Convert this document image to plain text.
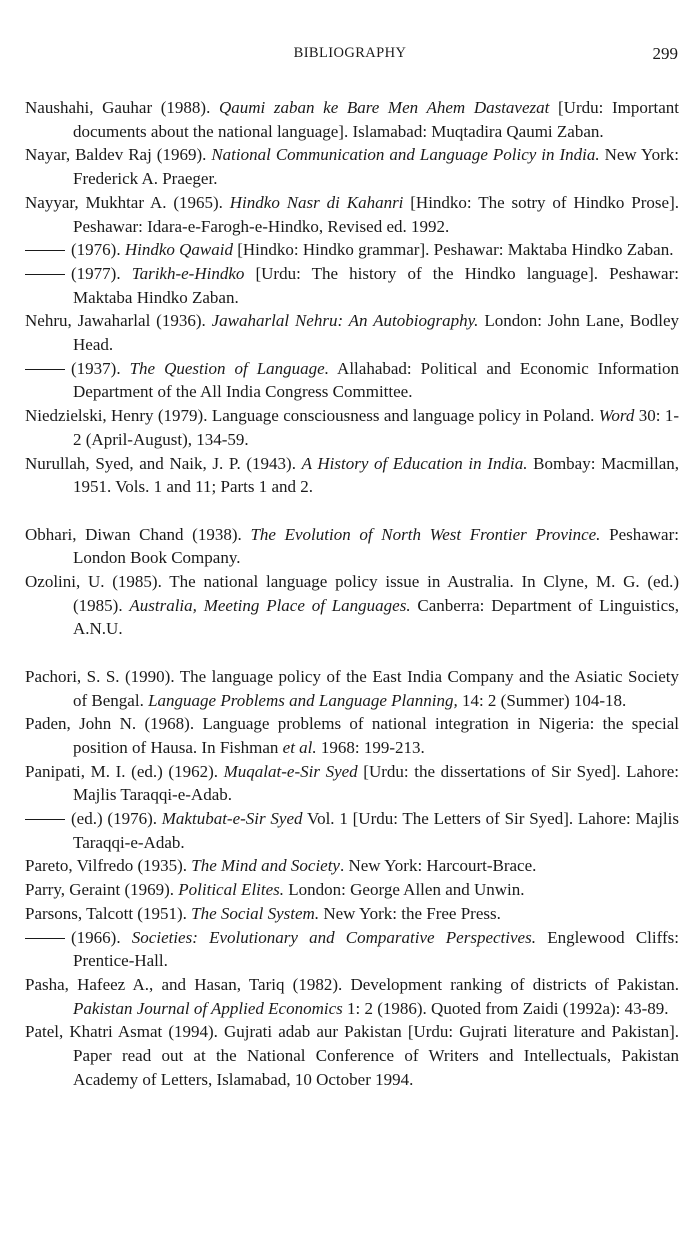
BIBLIOGRAPHY	299

Naushahi, Gauhar (1988). Qaumi zaban ke Bare Men Ahem Dastavezat [Urdu: Important documents about the national language]. Islamabad: Muqtadira Qaumi Zaban.

Nayar, Baldev Raj (1969). National Communication and Language Policy in India. New York: Frederick A. Praeger.

Nayyar, Mukhtar A. (1965). Hindko Nasr di Kahanri [Hindko: The sotry of Hindko Prose]. Peshawar: Idara-e-Farogh-e-Hindko, Revised ed. 1992.

(1976). Hindko Qawaid [Hindko: Hindko grammar]. Peshawar: Maktaba Hindko Zaban.

(1977). Tarikh-e-Hindko [Urdu: The history of the Hindko language]. Peshawar: Maktaba Hindko Zaban.

Nehru, Jawaharlal (1936). Jawaharlal Nehru: An Autobiography. London: John Lane, Bodley Head.

(1937). The Question of Language. Allahabad: Political and Economic Information Department of the All India Congress Committee.

Niedzielski, Henry (1979). Language consciousness and language policy in Poland. Word 30: 1-2 (April-August), 134-59.

Nurullah, Syed, and Naik, J. P. (1943). A History of Education in India. Bombay: Macmillan, 1951. Vols. 1 and 11; Parts 1 and 2.

Obhari, Diwan Chand (1938). The Evolution of North West Frontier Province. Peshawar: London Book Company.

Ozolini, U. (1985). The national language policy issue in Australia. In Clyne, M. G. (ed.) (1985). Australia, Meeting Place of Languages. Canberra: Department of Linguistics, A.N.U.

Pachori, S. S. (1990). The language policy of the East India Company and the Asiatic Society of Bengal. Language Problems and Language Planning, 14: 2 (Summer) 104-18.

Paden, John N. (1968). Language problems of national integration in Nigeria: the special position of Hausa. In Fishman et al. 1968: 199-213.

Panipati, M. I. (ed.) (1962). Muqalat-e-Sir Syed [Urdu: the dissertations of Sir Syed]. Lahore: Majlis Taraqqi-e-Adab.

(ed.) (1976). Maktubat-e-Sir Syed Vol. 1 [Urdu: The Letters of Sir Syed]. Lahore: Majlis Taraqqi-e-Adab.

Pareto, Vilfredo (1935). The Mind and Society. New York: Harcourt-Brace.

Parry, Geraint (1969). Political Elites. London: George Allen and Unwin.

Parsons, Talcott (1951). The Social System. New York: the Free Press.

(1966). Societies: Evolutionary and Comparative Perspectives. Englewood Cliffs: Prentice-Hall.

Pasha, Hafeez A., and Hasan, Tariq (1982). Development ranking of districts of Pakistan. Pakistan Journal of Applied Economics 1: 2 (1986). Quoted from Zaidi (1992a): 43-89.

Patel, Khatri Asmat (1994). Gujrati adab aur Pakistan [Urdu: Gujrati literature and Pakistan]. Paper read out at the National Conference of Writers and Intellectuals, Pakistan Academy of Letters, Islamabad, 10 October 1994.
